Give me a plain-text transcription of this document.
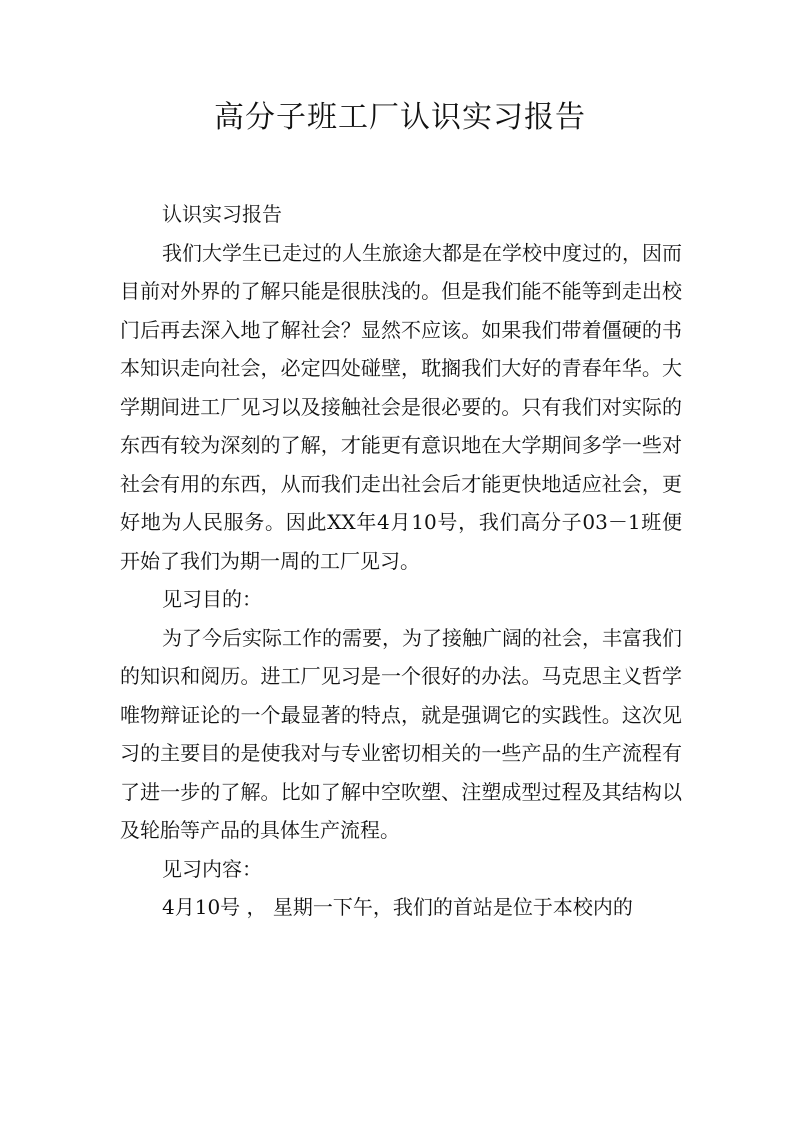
高分子班工厂认识实习报告

认识实习报告

我们大学生已走过的人生旅途大都是在学校中度过的，因而目前对外界的了解只能是很肤浅的。但是我们能不能等到走出校门后再去深入地了解社会？显然不应该。如果我们带着僵硬的书本知识走向社会，必定四处碰壁，耽搁我们大好的青春年华。大学期间进工厂见习以及接触社会是很必要的。只有我们对实际的东西有较为深刻的了解，才能更有意识地在大学期间多学一些对社会有用的东西，从而我们走出社会后才能更快地适应社会，更好地为人民服务。因此XX年4月10号，我们高分子03－1班便开始了我们为期一周的工厂见习。

见习目的：

为了今后实际工作的需要，为了接触广阔的社会，丰富我们的知识和阅历。进工厂见习是一个很好的办法。马克思主义哲学唯物辩证论的一个最显著的特点，就是强调它的实践性。这次见习的主要目的是使我对与专业密切相关的一些产品的生产流程有了进一步的了解。比如了解中空吹塑、注塑成型过程及其结构以及轮胎等产品的具体生产流程。

见习内容：

4月10号 ， 星期一下午，我们的首站是位于本校内的
